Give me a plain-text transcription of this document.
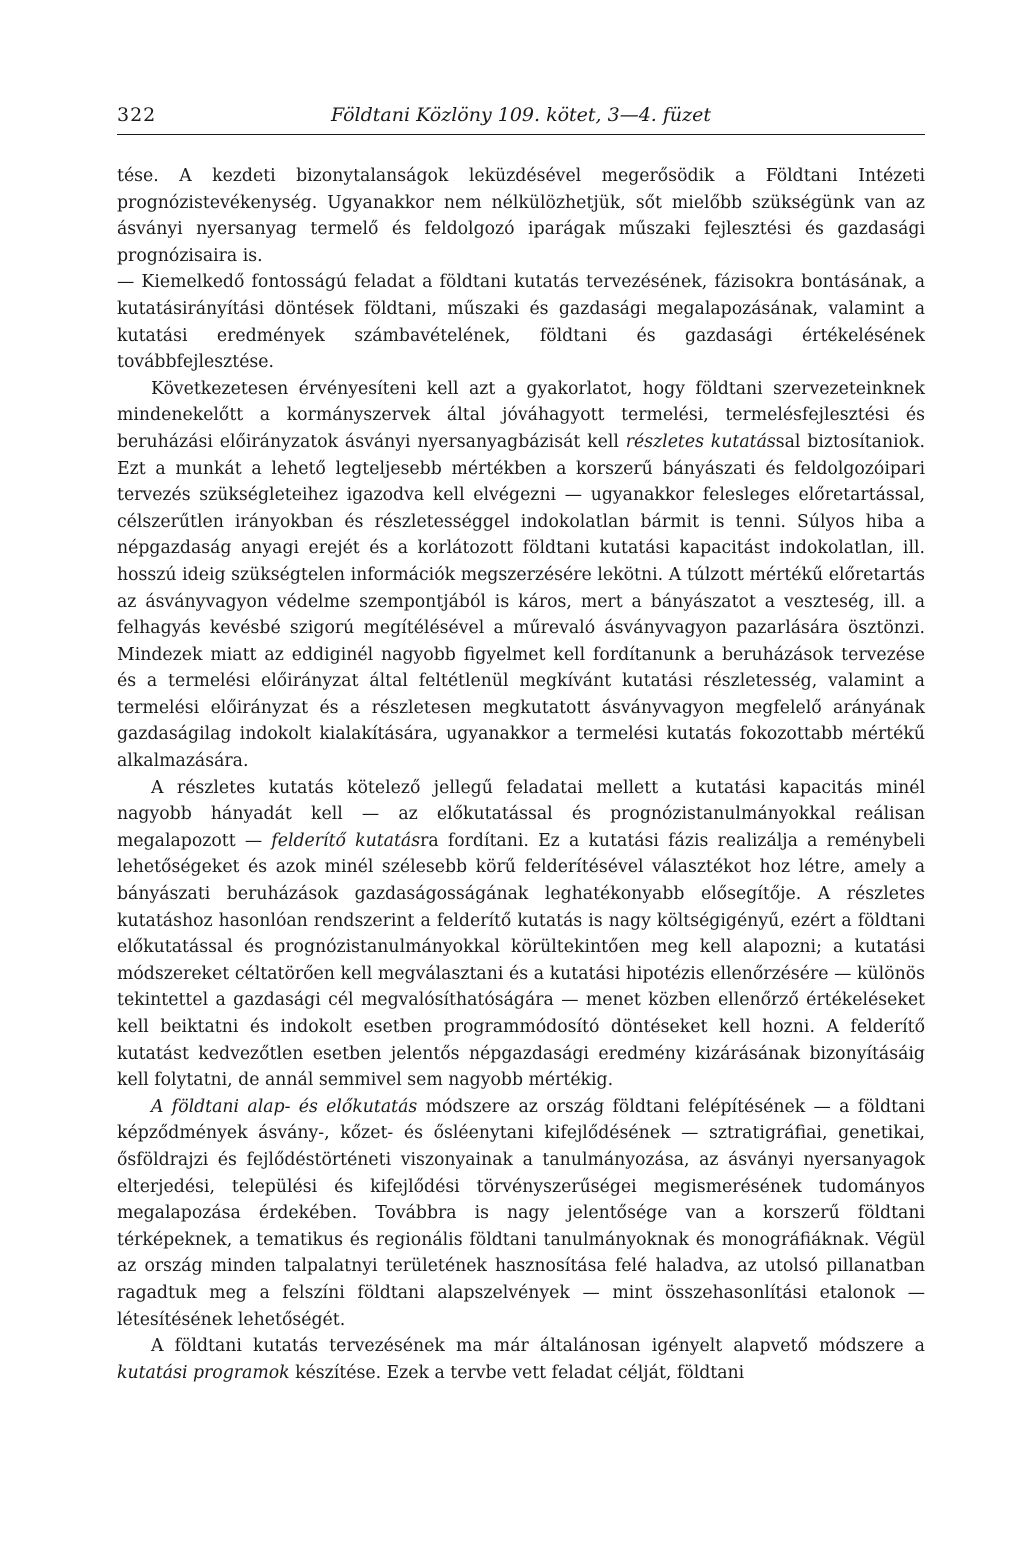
322	Földtani Közlöny 109. kötet, 3—4. füzet

tése. A kezdeti bizonytalanságok leküzdésével megerősödik a Földtani Intézeti prognózistevékenység. Ugyanakkor nem nélkülözhetjük, sőt mielőbb szükségünk van az ásványi nyersanyag termelő és feldolgozó iparágak műszaki fejlesztési és gazdasági prognózisaira is.

— Kiemelkedő fontosságú feladat a földtani kutatás tervezésének, fázisokra bontásának, a kutatásirányítási döntések földtani, műszaki és gazdasági megalapozásának, valamint a kutatási eredmények számbavételének, földtani és gazdasági értékelésének továbbfejlesztése.

Következetesen érvényesíteni kell azt a gyakorlatot, hogy földtani szervezeteinknek mindenekelőtt a kormányszervek által jóváhagyott termelési, termelésfejlesztési és beruházási előirányzatok ásványi nyersanyagbázisát kell részletes kutatással biztosítaniok. Ezt a munkát a lehető legteljesebb mértékben a korszerű bányászati és feldolgozóipari tervezés szükségleteihez igazodva kell elvégezni — ugyanakkor felesleges előretartással, célszerűtlen irányokban és részletességgel indokolatlan bármit is tenni. Súlyos hiba a népgazdaság anyagi erejét és a korlátozott földtani kutatási kapacitást indokolatlan, ill. hosszú ideig szükségtelen információk megszerzésére lekötni. A túlzott mértékű előretartás az ásványvagyon védelme szempontjából is káros, mert a bányászatot a veszteség, ill. a felhagyás kevésbé szigorú megítélésével a műrevaló ásványvagyon pazarlására ösztönzi. Mindezek miatt az eddiginél nagyobb figyelmet kell fordítanunk a beruházások tervezése és a termelési előirányzat által feltétlenül megkívánt kutatási részletesség, valamint a termelési előirányzat és a részletesen megkutatott ásványvagyon megfelelő arányának gazdaságilag indokolt kialakítására, ugyanakkor a termelési kutatás fokozottabb mértékű alkalmazására.

A részletes kutatás kötelező jellegű feladatai mellett a kutatási kapacitás minél nagyobb hányadát kell — az előkutatással és prognózistanulmányokkal reálisan megalapozott — felderítő kutatásra fordítani. Ez a kutatási fázis realizálja a reménybeli lehetőségeket és azok minél szélesebb körű felderítésével választékot hoz létre, amely a bányászati beruházások gazdaságosságának leghatékonyabb elősegítője. A részletes kutatáshoz hasonlóan rendszerint a felderítő kutatás is nagy költségigényű, ezért a földtani előkutatással és prognózistanulmányokkal körültekintően meg kell alapozni; a kutatási módszereket céltatörően kell megválasztani és a kutatási hipotézis ellenőrzésére — különös tekintettel a gazdasági cél megvalósíthatóságára — menet közben ellenőrző értékeléseket kell beiktatni és indokolt esetben programmódosító döntéseket kell hozni. A felderítő kutatást kedvezőtlen esetben jelentős népgazdasági eredmény kizárásának bizonyításáig kell folytatni, de annál semmivel sem nagyobb mértékig.

A földtani alap- és előkutatás módszere az ország földtani felépítésének — a földtani képződmények ásvány-, kőzet- és ősléenytani kifejlődésének — sztratigráfiai, genetikai, ősföldrajzi és fejlődéstörténeti viszonyainak a tanulmányozása, az ásványi nyersanyagok elterjedési, települési és kifejlődési törvényszerűségei megismerésének tudományos megalapozása érdekében. Továbbra is nagy jelentősége van a korszerű földtani térképeknek, a tematikus és regionális földtani tanulmányoknak és monográfiáknak. Végül az ország minden talpalatnyi területének hasznosítása felé haladva, az utolsó pillanatban ragadtuk meg a felszíni földtani alapszelvények — mint összehasonlítási etalonok — létesítésének lehetőségét.

A földtani kutatás tervezésének ma már általánosan igényelt alapvető módszere a kutatási programok készítése. Ezek a tervbe vett feladat célját, földtani
